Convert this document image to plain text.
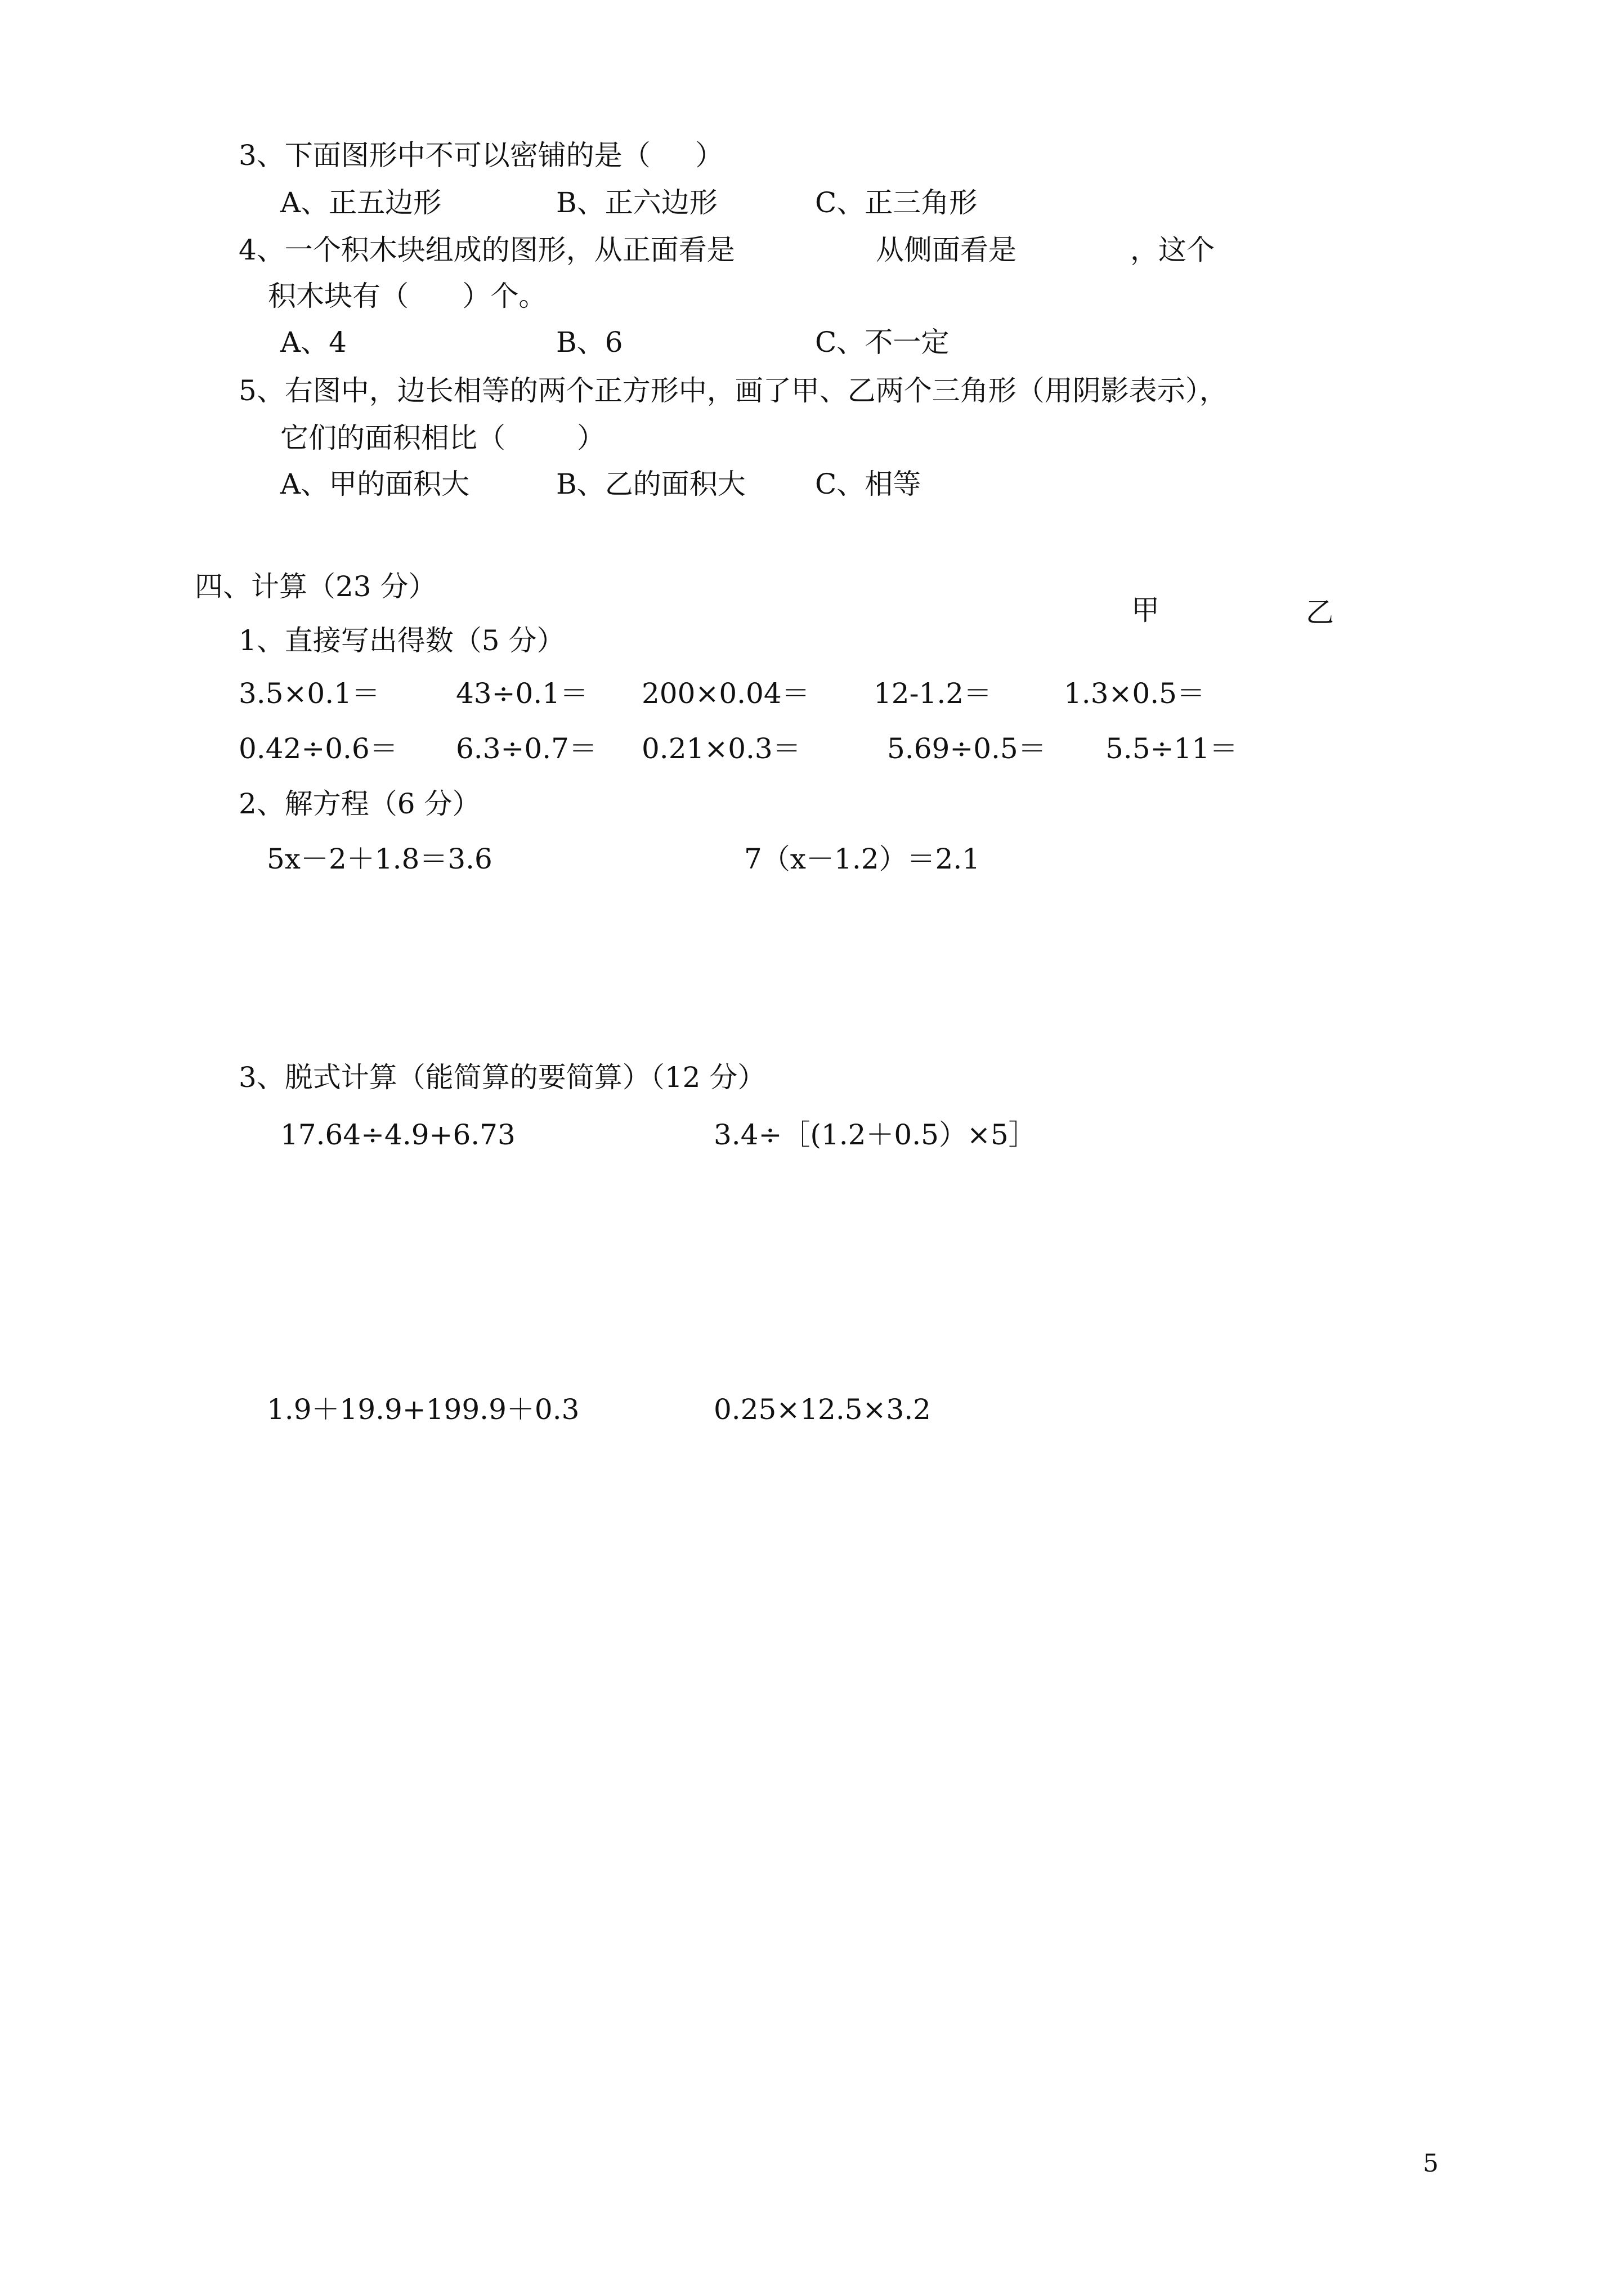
3、下面图形中不可以密铺的是（     ）
A、正五边形	B、正六边形	C、正三角形
4、一个积木块组成的图形，从正面看是	从侧面看是	，这个
积木块有（      ）个。
A、4	B、6	C、不一定
5、右图中，边长相等的两个正方形中，画了甲、乙两个三角形（用阴影表示），
它们的面积相比（        ）
A、甲的面积大	B、乙的面积大 C、相等
甲	乙
四、计算（23 分）
1、直接写出得数（5 分）
3.5×0.1＝	43÷0.1＝ 200×0.04＝ 12-1.2＝	1.3×0.5＝
0.42÷0.6＝ 6.3÷0.7＝ 0.21×0.3＝	5.69÷0.5＝ 5.5÷11＝
2、解方程（6 分）
5x－2＋1.8＝3.6	7（x－1.2）＝2.1
3、脱式计算（能简算的要简算）（12 分）
17.64÷4.9+6.73	3.4÷［(1.2＋0.5）×5］
1.9＋19.9+199.9＋0.3	0.25×12.5×3.2
5
